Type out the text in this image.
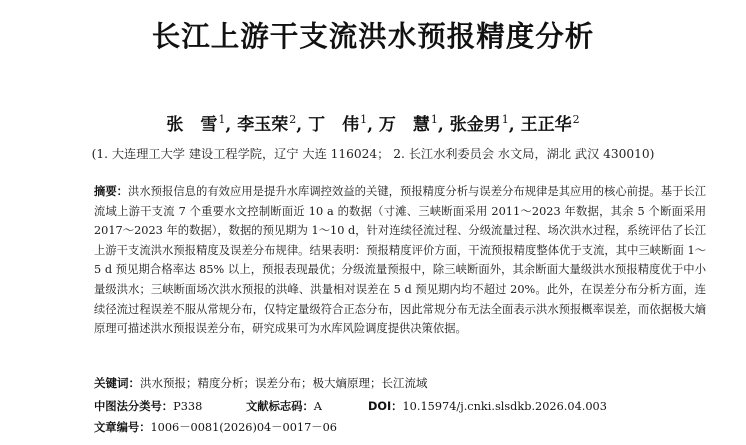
长江上游干支流洪水预报精度分析
张　雪$^1$, 李玉荣$^2$, 丁　伟$^1$, 万　慧$^1$, 张金男$^1$, 王正华$^2$
(1. 大连理工大学 建设工程学院，辽宁 大连 116024； 2. 长江水利委员会 水文局，湖北 武汉 430010)
摘要：洪水预报信息的有效应用是提升水库调控效益的关键，预报精度分析与误差分布规律是其应用的核心前提。基于长江流域上游干支流 7 个重要水文控制断面近 10 a 的数据（寸滩、三峡断面采用 2011～2023 年数据，其余 5 个断面采用 2017～2023 年的数据），数据的预见期为 1～10 d，针对连续径流过程、分级流量过程、场次洪水过程，系统评估了长江上游干支流洪水预报精度及误差分布规律。结果表明：预报精度评价方面，干流预报精度整体优于支流，其中三峡断面 1～5 d 预见期合格率达 85% 以上，预报表现最优；分级流量预报中，除三峡断面外，其余断面大量级洪水预报精度优于中小量级洪水；三峡断面场次洪水预报的洪峰、洪量相对误差在 5 d 预见期内均不超过 20%。此外，在误差分布分析方面，连续径流过程误差不服从常规分布，仅特定量级符合正态分布，因此常规分布无法全面表示洪水预报概率误差，而依据极大熵原理可描述洪水预报误差分布，研究成果可为水库风险调度提供决策依据。
关键词：洪水预报；精度分析；误差分布；极大熵原理；长江流域
中图法分类号：P338	文献标志码：A	DOI：10.15974/j.cnki.slsdkb.2026.04.003
文章编号：1006－0081(2026)04－0017－06
